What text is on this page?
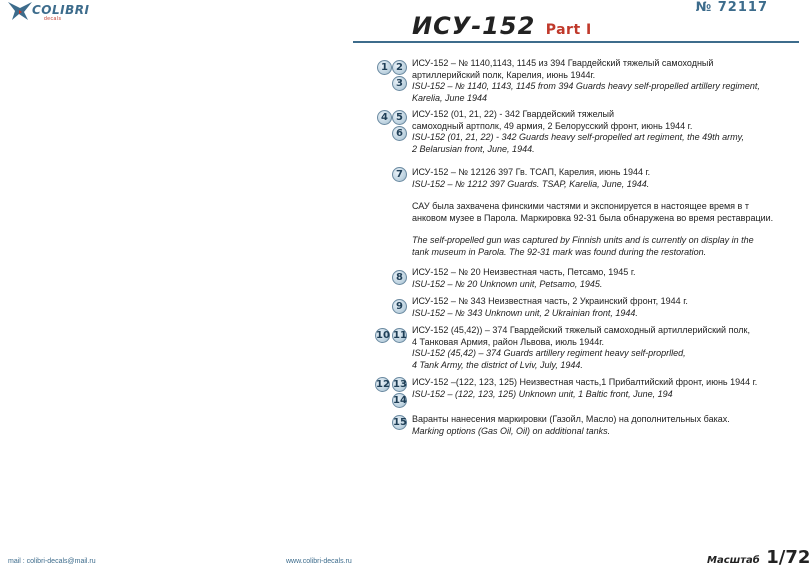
COLIBRI
decals
№ 72117
ИСУ-152 Part I
1 2
3
ИСУ-152 – № 1140,1143, 1145 из 394 Гвардейский тяжелый самоходный
артиллерийский полк, Карелия, июнь 1944г.
ISU-152 – № 1140, 1143, 1145 from 394 Guards heavy self-propelled artillery regiment,
Karelia, June 1944
4 5
6
ИСУ-152 (01, 21, 22) - 342 Гвардейский тяжелый
самоходный артполк, 49 армия, 2 Белорусский фронт, июнь 1944 г.
ISU-152 (01, 21, 22) - 342 Guards heavy self-propelled art regiment, the 49th army,
2 Belarusian front, June, 1944.
7	ИСУ-152 – № 12126 397 Гв. ТСАП, Карелия, июнь 1944 г.
ISU-152 – № 1212 397 Guards. TSAP, Karelia, June, 1944.
САУ была захвачена финскими частями и экспонируется в настоящее время в т
анковом музее в Парола. Маркировка 92-31 была обнаружена во время реставрации.
The self-propelled gun was captured by Finnish units and is currently on display in the
tank museum in Parola. The 92-31 mark was found during the restoration.
8	ИСУ-152 – № 20 Неизвестная часть, Петсамо, 1945 г.
ISU-152 – № 20 Unknown unit, Petsamo, 1945.
9	ИСУ-152 – № 343 Неизвестная часть, 2 Украинский фронт, 1944 г.
ISU-152 – № 343 Unknown unit, 2 Ukrainian front, 1944.
10 11 ИСУ-152 (45,42)) – 374 Гвардейский тяжелый самоходный артиллерийский полк,
4 Танковая Армия, район Львова, июль 1944г.
ISU-152 (45,42) – 374 Guards artillery regiment heavy self-proprlled,
4 Tank Army, the district of Lviv, July, 1944.
12 13
14
ИСУ-152 –(122, 123, 125) Неизвестная часть,1 Прибалтийский фронт, июнь 1944 г.
ISU-152 – (122, 123, 125) Unknown unit, 1 Baltic front, June, 194
15 Варанты нанесения маркировки (Газойл, Масло) на дополнительных баках.
Marking options (Gas Oil, Oil) on additional tanks.
mail : colibri-decals@mail.ru	www.colibri-decals.ru	Масштаб 1/72
